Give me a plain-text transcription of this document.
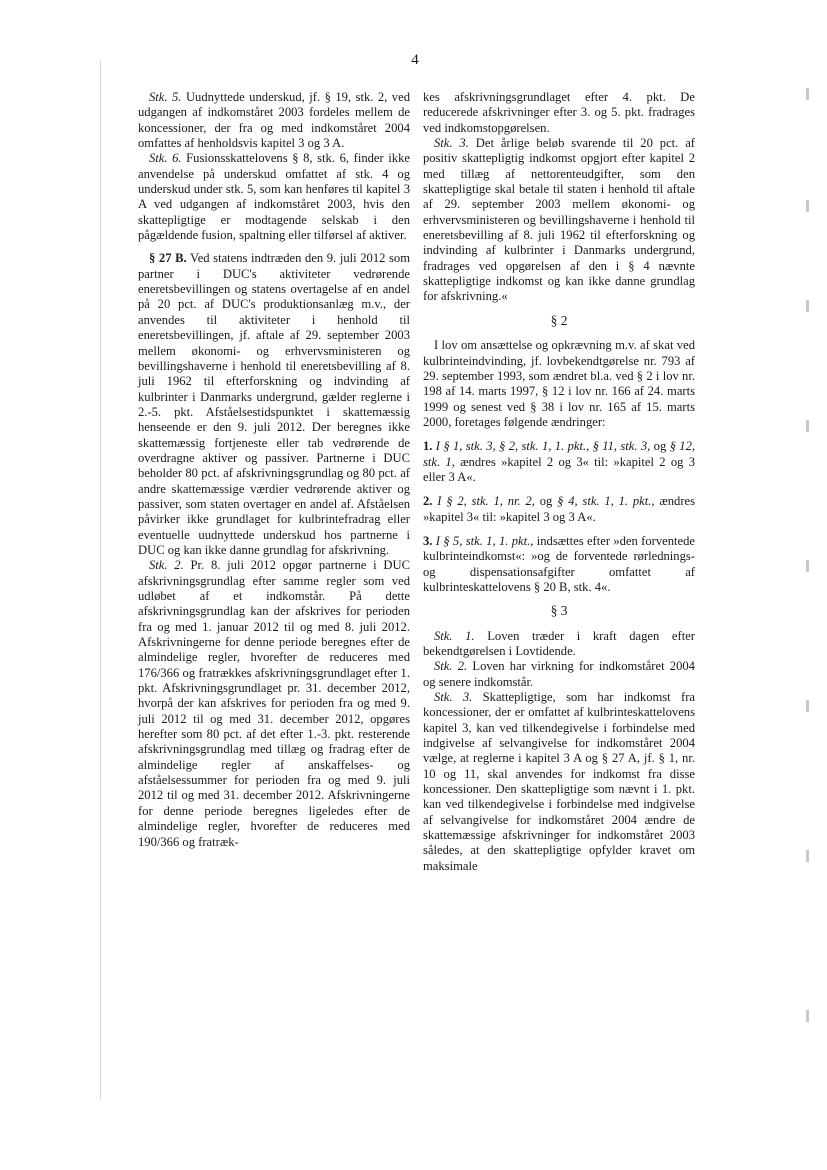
4

Stk. 5. Uudnyttede underskud, jf. § 19, stk. 2, ved udgangen af indkomståret 2003 fordeles mellem de koncessioner, der fra og med indkomståret 2004 omfattes af henholdsvis kapitel 3 og 3 A.

Stk. 6. Fusionsskattelovens § 8, stk. 6, finder ikke anvendelse på underskud omfattet af stk. 4 og underskud under stk. 5, som kan henføres til kapitel 3 A ved udgangen af indkomståret 2003, hvis den skattepligtige er modtagende selskab i den pågældende fusion, spaltning eller tilførsel af aktiver.

§ 27 B. Ved statens indtræden den 9. juli 2012 som partner i DUC's aktiviteter vedrørende eneretsbevillingen og statens overtagelse af en andel på 20 pct. af DUC's produktionsanlæg m.v., der anvendes til aktiviteter i henhold til eneretsbevillingen, jf. aftale af 29. september 2003 mellem økonomi- og erhvervsministeren og bevillingshaverne i henhold til eneretsbevilling af 8. juli 1962 til efterforskning og indvinding af kulbrinter i Danmarks undergrund, gælder reglerne i 2.-5. pkt. Afståelsestidspunktet i skattemæssig henseende er den 9. juli 2012. Der beregnes ikke skattemæssig fortjeneste eller tab vedrørende de overdragne aktiver og passiver. Partnerne i DUC beholder 80 pct. af afskrivningsgrundlag og 80 pct. af andre skattemæssige værdier vedrørende aktiver og passiver, som staten overtager en andel af. Afståelsen påvirker ikke grundlaget for kulbrintefradrag eller eventuelle uudnyttede underskud hos partnerne i DUC og kan ikke danne grundlag for afskrivning.

Stk. 2. Pr. 8. juli 2012 opgør partnerne i DUC afskrivningsgrundlag efter samme regler som ved udløbet af et indkomstår. På dette afskrivningsgrundlag kan der afskrives for perioden fra og med 1. januar 2012 til og med 8. juli 2012. Afskrivningerne for denne periode beregnes efter de almindelige regler, hvorefter de reduceres med 176/366 og fratrækkes afskrivningsgrundlaget efter 1. pkt. Afskrivningsgrundlaget pr. 31. december 2012, hvorpå der kan afskrives for perioden fra og med 9. juli 2012 til og med 31. december 2012, opgøres herefter som 80 pct. af det efter 1.-3. pkt. resterende afskrivningsgrundlag med tillæg og fradrag efter de almindelige regler af anskaffelses- og afståelsessummer for perioden fra og med 9. juli 2012 til og med 31. december 2012. Afskrivningerne for denne periode beregnes ligeledes efter de almindelige regler, hvorefter de reduceres med 190/366 og fratræk-

kes afskrivningsgrundlaget efter 4. pkt. De reducerede afskrivninger efter 3. og 5. pkt. fradrages ved indkomstopgørelsen.

Stk. 3. Det årlige beløb svarende til 20 pct. af positiv skattepligtig indkomst opgjort efter kapitel 2 med tillæg af nettorenteudgifter, som den skattepligtige skal betale til staten i henhold til aftale af 29. september 2003 mellem økonomi- og erhvervsministeren og bevillingshaverne i henhold til eneretsbevilling af 8. juli 1962 til efterforskning og indvinding af kulbrinter i Danmarks undergrund, fradrages ved opgørelsen af den i § 4 nævnte skattepligtige indkomst og kan ikke danne grundlag for afskrivning.«

§ 2

I lov om ansættelse og opkrævning m.v. af skat ved kulbrinteindvinding, jf. lovbekendtgørelse nr. 793 af 29. september 1993, som ændret bl.a. ved § 2 i lov nr. 198 af 14. marts 1997, § 12 i lov nr. 166 af 24. marts 1999 og senest ved § 38 i lov nr. 165 af 15. marts 2000, foretages følgende ændringer:

1. I § 1, stk. 3, § 2, stk. 1, 1. pkt., § 11, stk. 3, og § 12, stk. 1, ændres »kapitel 2 og 3« til: »kapitel 2 og 3 eller 3 A«.

2. I § 2, stk. 1, nr. 2, og § 4, stk. 1, 1. pkt., ændres »kapitel 3« til: »kapitel 3 og 3 A«.

3. I § 5, stk. 1, 1. pkt., indsættes efter »den forventede kulbrinteindkomst«: »og de forventede rørlednings- og dispensationsafgifter omfattet af kulbrinteskattelovens § 20 B, stk. 4«.

§ 3

Stk. 1. Loven træder i kraft dagen efter bekendtgørelsen i Lovtidende.

Stk. 2. Loven har virkning for indkomståret 2004 og senere indkomstår.

Stk. 3. Skattepligtige, som har indkomst fra koncessioner, der er omfattet af kulbrinteskattelovens kapitel 3, kan ved tilkendegivelse i forbindelse med indgivelse af selvangivelse for indkomståret 2004 vælge, at reglerne i kapitel 3 A og § 27 A, jf. § 1, nr. 10 og 11, skal anvendes for indkomst fra disse koncessioner. Den skattepligtige som nævnt i 1. pkt. kan ved tilkendegivelse i forbindelse med indgivelse af selvangivelse for indkomståret 2004 ændre de skattemæssige afskrivninger for indkomståret 2003 således, at den skattepligtige opfylder kravet om maksimale
